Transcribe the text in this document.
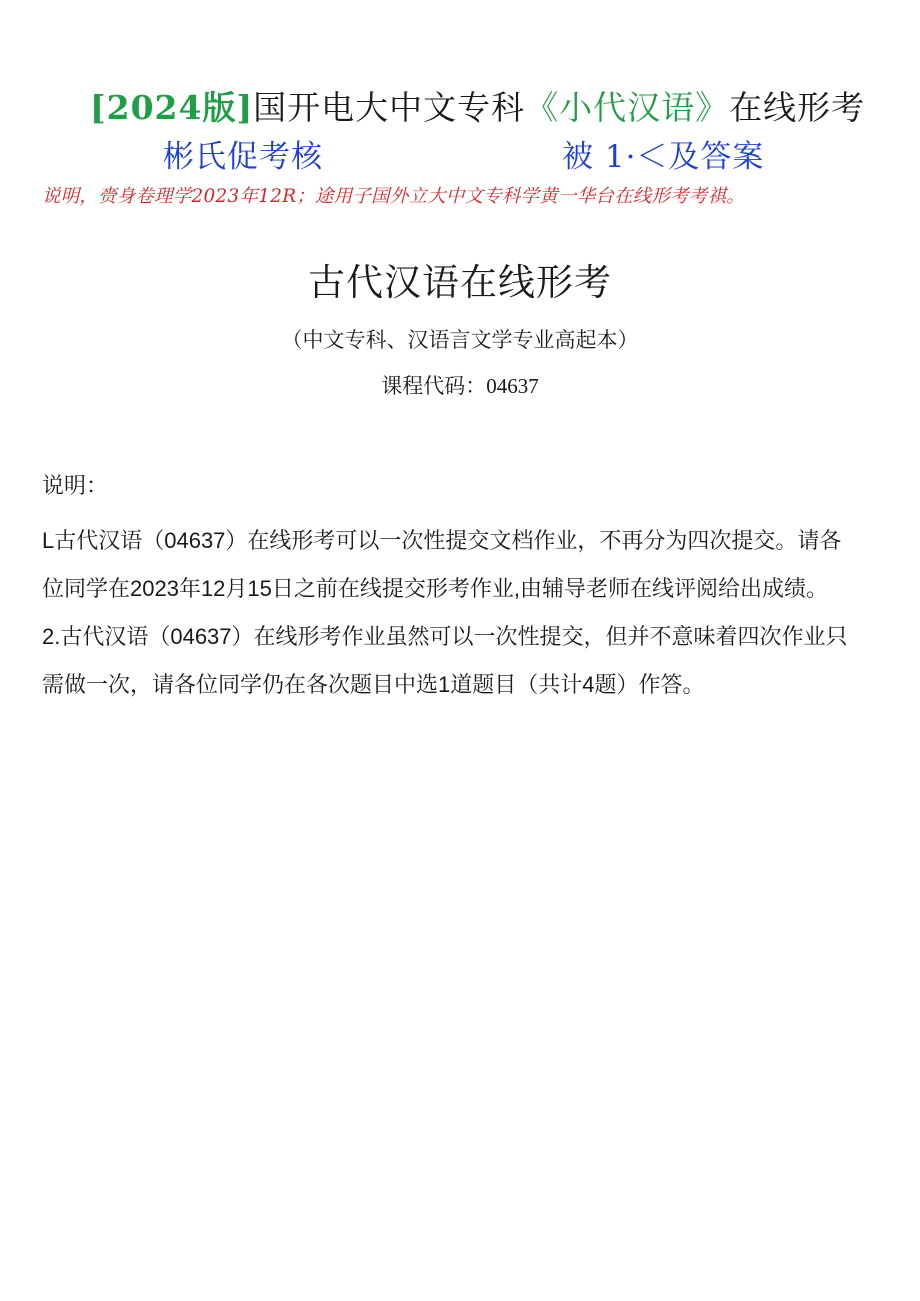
[2024版]国开电大中文专科《小代汉语》在线形考
彬氏促考核	被 1·＜及答案
说明，赍身卷理学2023年12R；途用子国外立大中文专科学黄一华台在线形考考祺。
古代汉语在线形考
（中文专科、汉语言文学专业高起本）
课程代码：04637
说明：

L古代汉语（04637）在线形考可以一次性提交文档作业，不再分为四次提交。请各

位同学在2023年12月15日之前在线提交形考作业,由辅导老师在线评阅给出成绩。

2.古代汉语（04637）在线形考作业虽然可以一次性提交，但并不意味着四次作业只

需做一次，请各位同学仍在各次题目中选1道题目（共计4题）作答。
